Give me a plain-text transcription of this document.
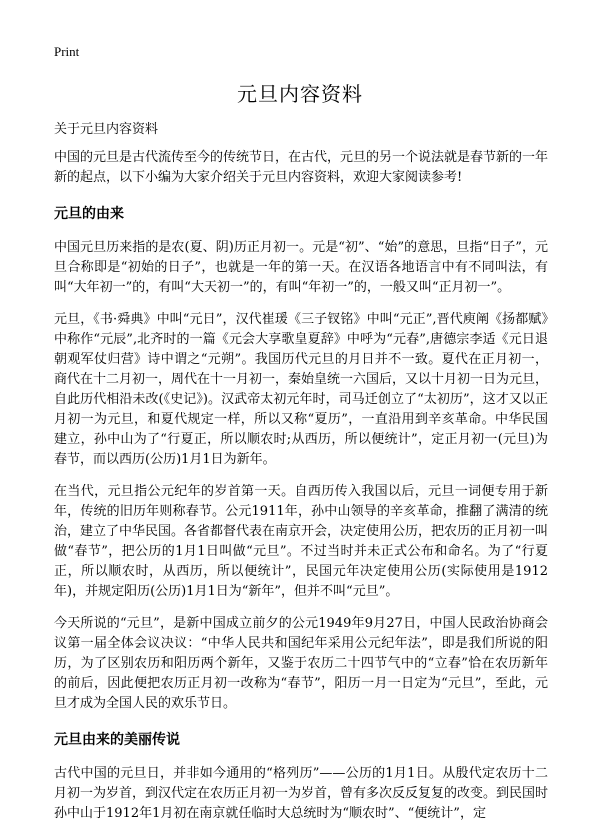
Print
元旦内容资料

关于元旦内容资料

中国的元旦是古代流传至今的传统节日，在古代，元旦的另一个说法就是春节新的一年新的起点，以下小编为大家介绍关于元旦内容资料，欢迎大家阅读参考!

元旦的由来

中国元旦历来指的是农(夏、阴)历正月初一。元是“初”、“始”的意思，旦指“日子”，元旦合称即是“初始的日子”，也就是一年的第一天。在汉语各地语言中有不同叫法，有叫“大年初一”的，有叫“大天初一”的，有叫“年初一”的，一般又叫“正月初一”。

元旦，《书·舜典》中叫“元日”，汉代崔瑗《三子钗铭》中叫“元正”,晋代庾阐《扬都赋》中称作“元辰”,北齐时的一篇《元会大享歌皇夏辞》中呼为“元春”,唐德宗李适《元日退朝观军仗归营》诗中谓之“元朔”。我国历代元旦的月日并不一致。夏代在正月初一，商代在十二月初一，周代在十一月初一，秦始皇统一六国后，又以十月初一日为元旦，自此历代相沿未改(《史记》)。汉武帝太初元年时，司马迁创立了“太初历”，这才又以正月初一为元旦，和夏代规定一样，所以又称“夏历”，一直沿用到辛亥革命。中华民国建立，孙中山为了“行夏正，所以顺农时;从西历，所以便统计”，定正月初一(元旦)为春节，而以西历(公历)1月1日为新年。

在当代，元旦指公元纪年的岁首第一天。自西历传入我国以后，元旦一词便专用于新年，传统的旧历年则称春节。公元1911年，孙中山领导的辛亥革命，推翻了满清的统治，建立了中华民国。各省都督代表在南京开会，决定使用公历，把农历的正月初一叫做“春节”，把公历的1月1日叫做“元旦”。不过当时并未正式公布和命名。为了“行夏正，所以顺农时，从西历，所以便统计”，民国元年决定使用公历(实际使用是1912年)，并规定阳历(公历)1月1日为“新年”，但并不叫“元旦”。

今天所说的“元旦”，是新中国成立前夕的公元1949年9月27日，中国人民政治协商会议第一届全体会议决议：“中华人民共和国纪年采用公元纪年法”，即是我们所说的阳历，为了区别农历和阳历两个新年，又鉴于农历二十四节气中的“立春”恰在农历新年的前后，因此便把农历正月初一改称为“春节”，阳历一月一日定为“元旦”，至此，元旦才成为全国人民的欢乐节日。

元旦由来的美丽传说

古代中国的元旦日，并非如今通用的“格列历”——公历的1月1日。从殷代定农历十二月初一为岁首，到汉代定在农历正月初一为岁首，曾有多次反反复复的改变。到民国时孙中山于1912年1月初在南京就任临时大总统时为“顺农时”、“便统计”，定
